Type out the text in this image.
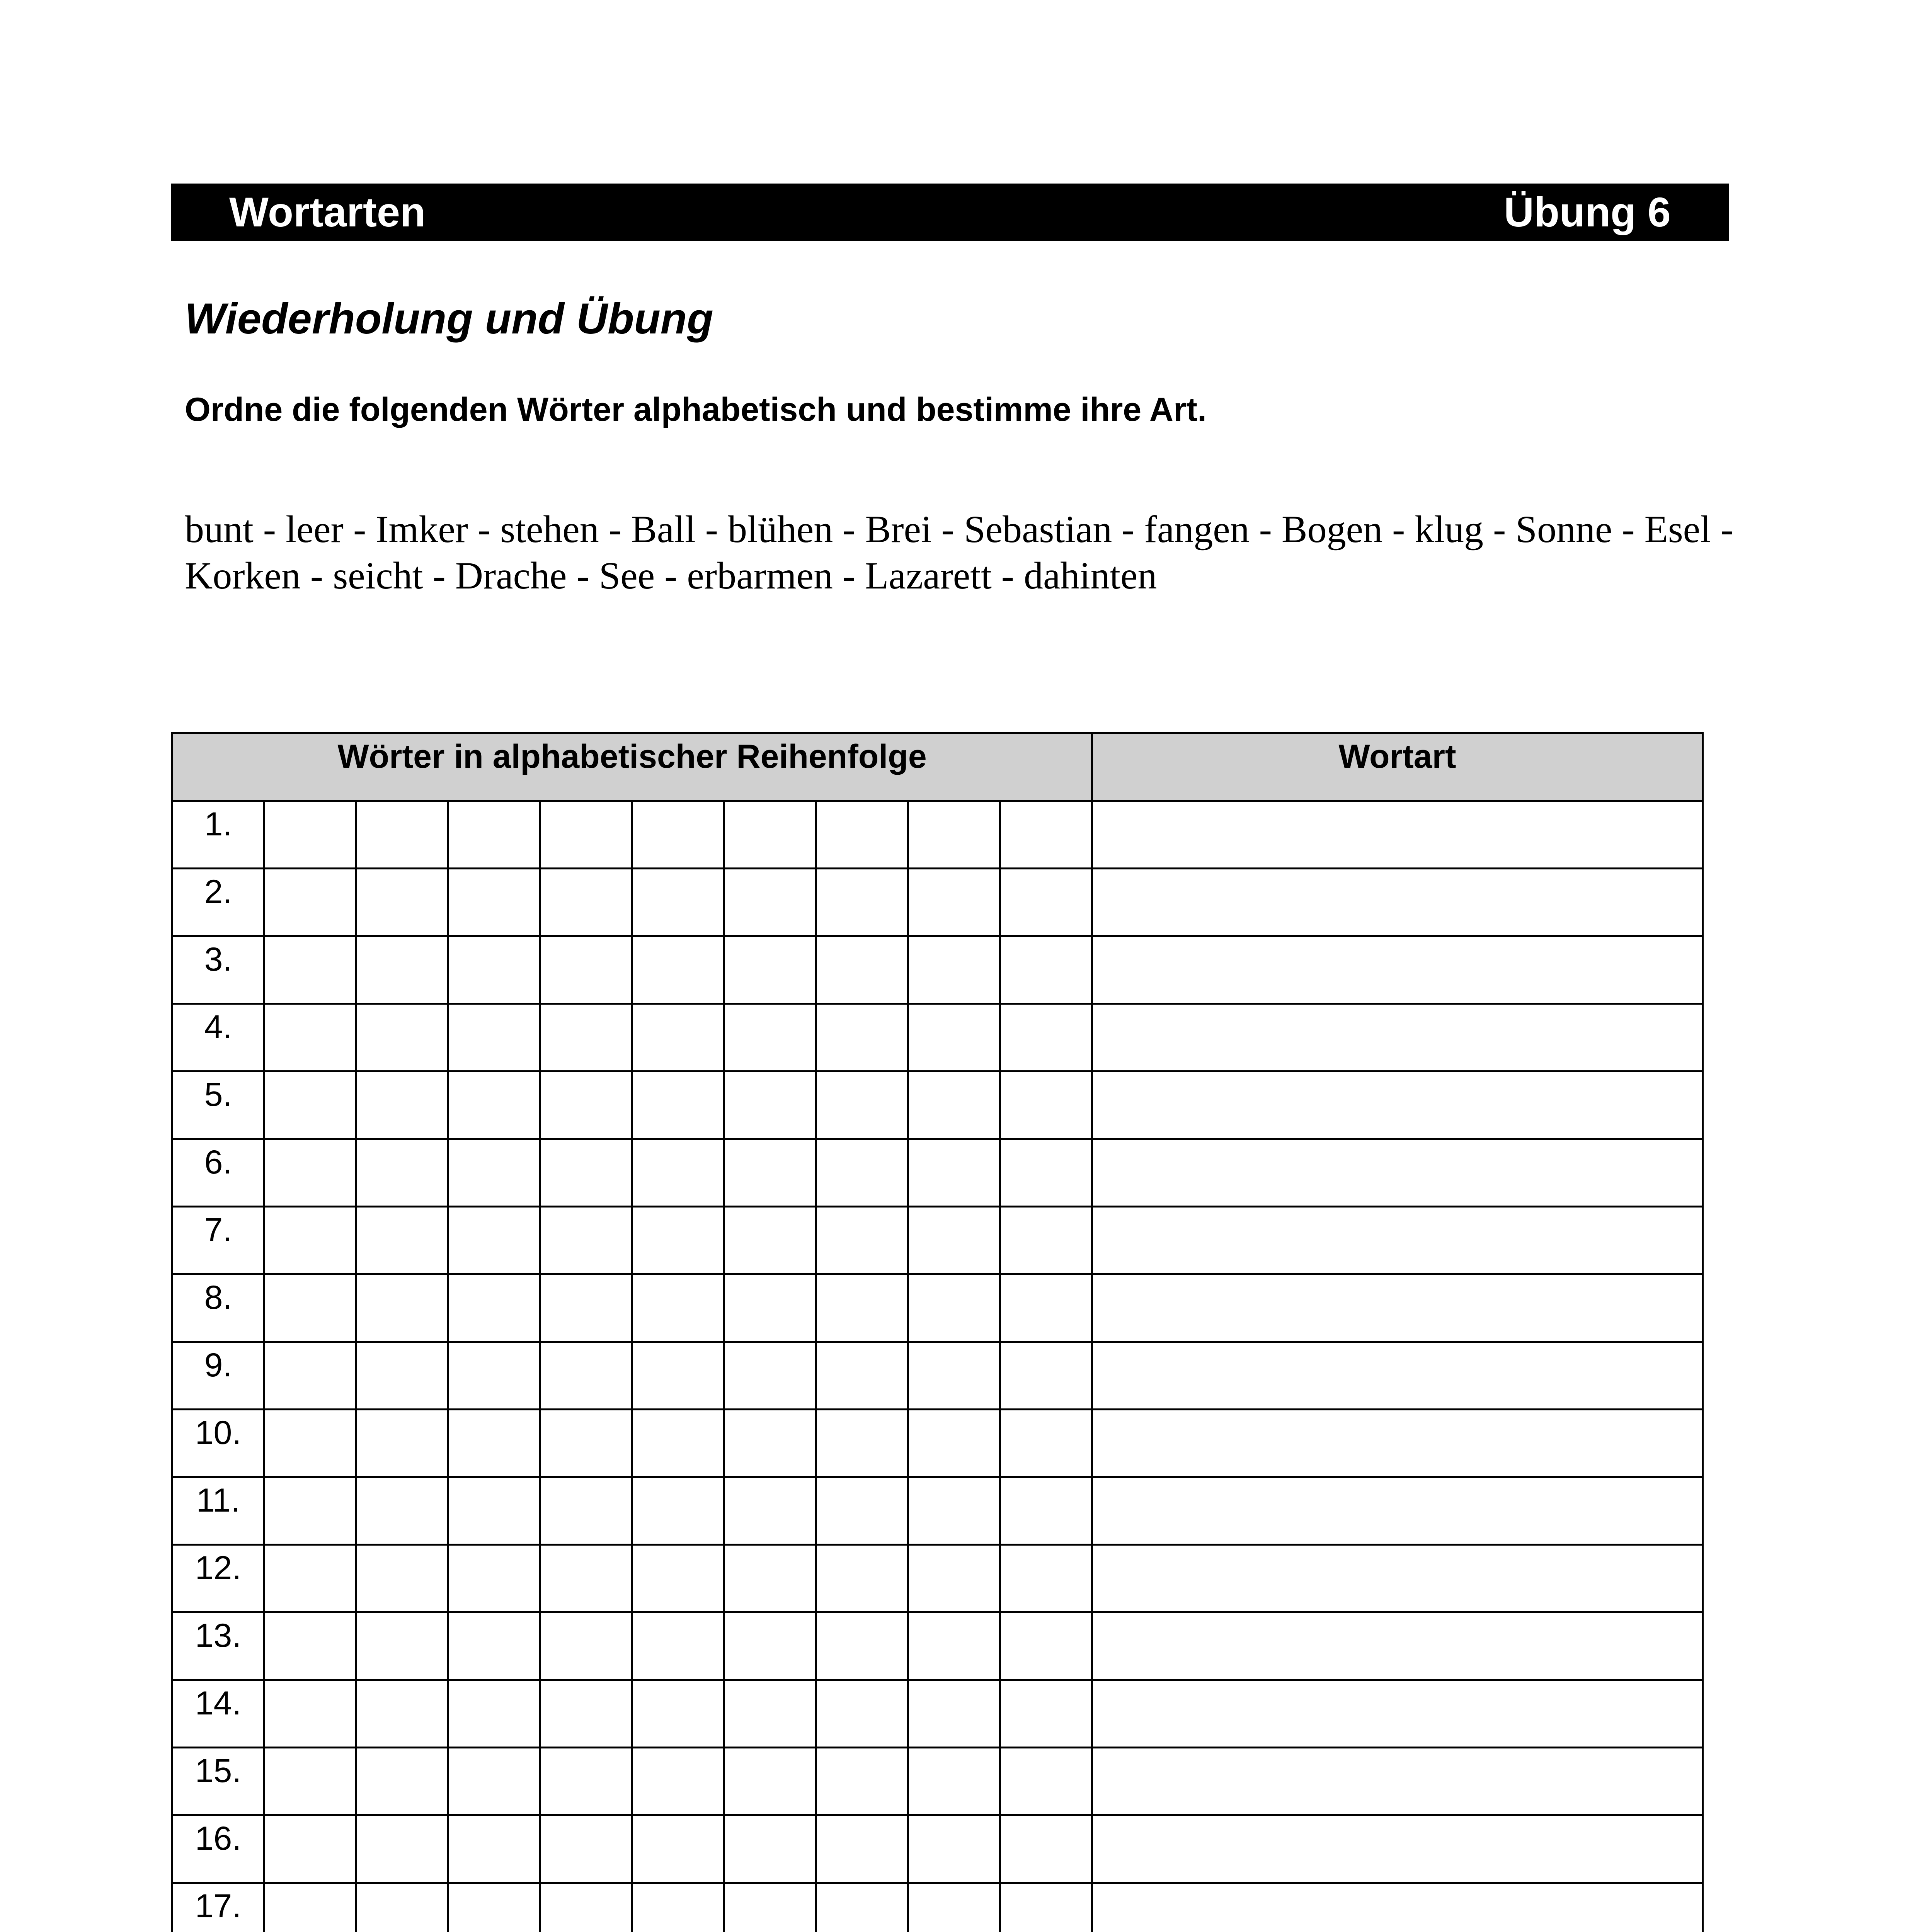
Wortarten	Übung 6
Wiederholung und Übung
Ordne die folgenden Wörter alphabetisch und bestimme ihre Art.
bunt - leer - Imker - stehen - Ball - blühen - Brei - Sebastian - fangen - Bogen - klug - Sonne - Esel -
Korken - seicht - Drache - See - erbarmen - Lazarett - dahinten
Wörter in alphabetischer Reihenfolge										Wortart
1.										
2.										
3.										
4.										
5.										
6.										
7.										
8.										
9.										
10.										
11.										
12.										
13.										
14.										
15.										
16.										
17.										
